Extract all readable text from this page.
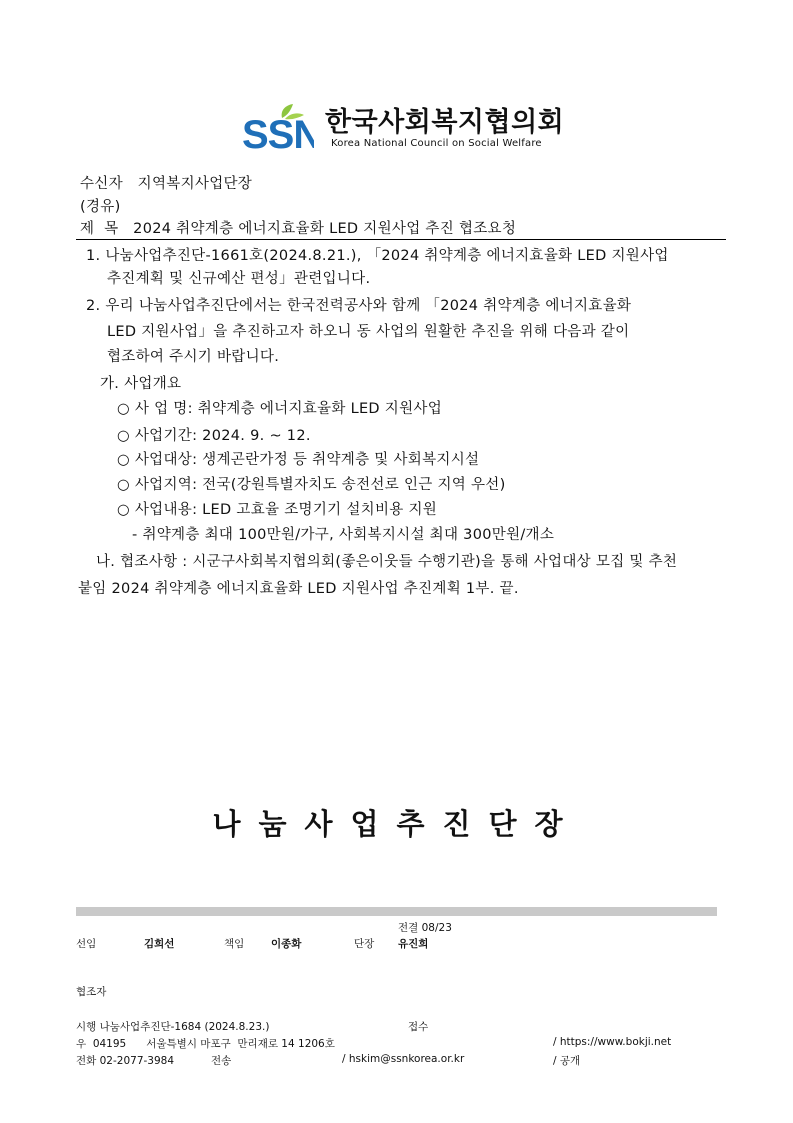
SSN 한국사회복지협의회
Korea National Council on Social Welfare
수신자 지역복지사업단장
(경유)
제  목 2024 취약계층 에너지효율화 LED 지원사업 추진 협조요청
1. 나눔사업추진단-1661호(2024.8.21.), 「2024 취약계층 에너지효율화 LED 지원사업
추진계획 및 신규예산 편성」관련입니다.
2. 우리 나눔사업추진단에서는 한국전력공사와 함께 「2024 취약계층 에너지효율화
LED 지원사업」을 추진하고자 하오니 동 사업의 원활한 추진을 위해 다음과 같이
협조하여 주시기 바랍니다.
가. 사업개요
○ 사 업 명: 취약계층 에너지효율화 LED 지원사업
○ 사업기간: 2024. 9. ~ 12.
○ 사업대상: 생계곤란가정 등 취약계층 및 사회복지시설
○ 사업지역: 전국(강원특별자치도 송전선로 인근 지역 우선)
○ 사업내용: LED 고효율 조명기기 설치비용 지원
- 취약계층 최대 100만원/가구, 사회복지시설 최대 300만원/개소
나. 협조사항 : 시군구사회복지협의회(좋은이웃들 수행기관)을 통해 사업대상 모집 및 추천
붙임 2024 취약계층 에너지효율화 LED 지원사업 추진계획 1부. 끝.
나눔사업추진단장
전결 08/23
선임	김희선	책임	이종화	단장 유진희
협조자
시행 나눔사업추진단-1684 (2024.8.23.)	접수
우  04195      서울특별시 마포구  만리재로 14 1206호	/ https://www.bokji.net
전화 02-2077-3984	전송	/ hskim@ssnkorea.or.kr	/ 공개
